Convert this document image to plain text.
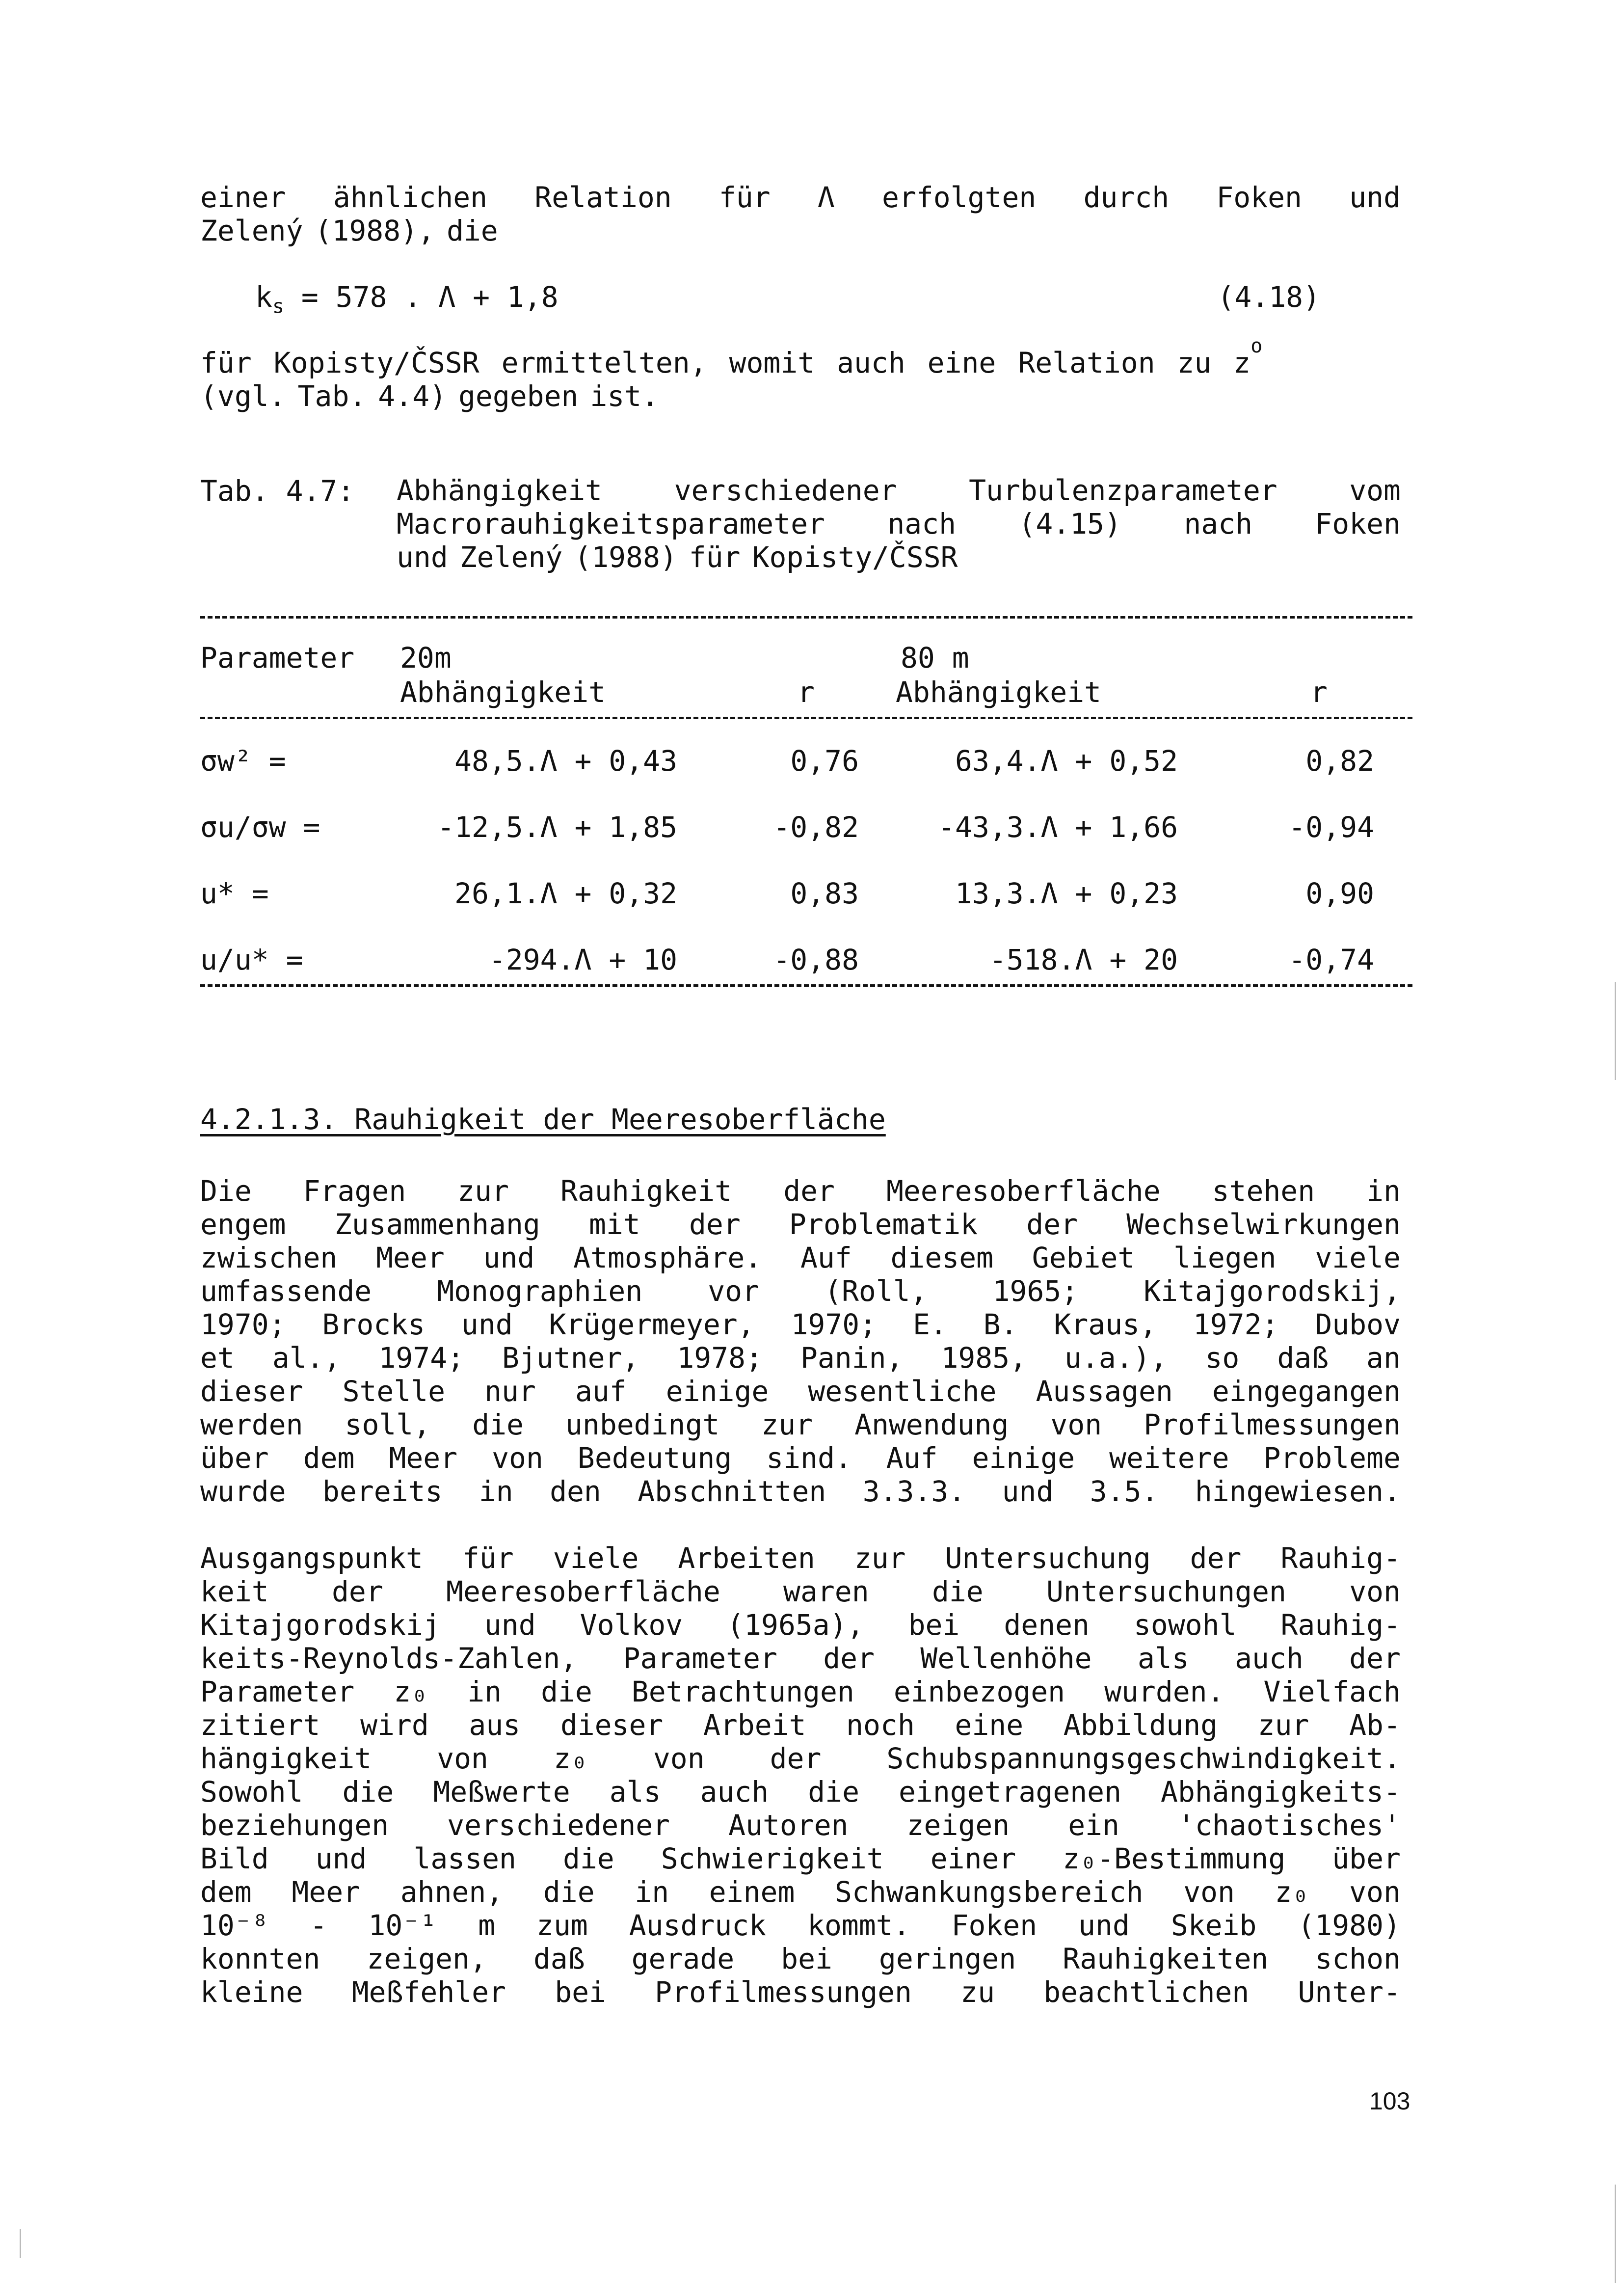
einer ähnlichen Relation für Λ erfolgten durch Foken und
Zelený (1988), die
$k_s = 578$ . Λ + 1,8	(4.18)
für Kopisty/ČSSR ermittelten, womit auch eine Relation zu z o
(vgl. Tab. 4.4) gegeben ist.
Tab. 4.7: Abhängigkeit	verschiedener	Turbulenzparameter	vom
Macrorauhigkeitsparameter nach (4.15) nach Foken
und Zelený (1988) für Kopisty/ČSSR
Parameter 20m	80 m
Abhängigkeit	r	Abhängigkeit	r
σw² =	48,5.Λ + 0,43	0,76	63,4.Λ + 0,52	0,82
σu/σw =	-12,5.Λ + 1,85	-0,82	-43,3.Λ + 1,66	-0,94
u* =	26,1.Λ + 0,32	0,83	13,3.Λ + 0,23	0,90
u/u* =	-294.Λ + 10	-0,88	-518.Λ + 20	-0,74
4.2.1.3. Rauhigkeit der Meeresoberfläche
Die Fragen zur Rauhigkeit der Meeresoberfläche stehen in
engem Zusammenhang mit der Problematik der Wechselwirkungen
zwischen Meer und Atmosphäre. Auf diesem Gebiet liegen viele
umfassende Monographien vor (Roll, 1965; Kitajgorodskij,
1970; Brocks und Krügermeyer, 1970; E. B. Kraus, 1972; Dubov
et al., 1974; Bjutner, 1978; Panin, 1985, u.a.), so daß an
dieser Stelle nur auf einige wesentliche Aussagen eingegangen
werden soll, die unbedingt zur Anwendung von Profilmessungen
über dem Meer von Bedeutung sind. Auf einige weitere Probleme
wurde bereits in den Abschnitten 3.3.3. und 3.5. hingewiesen.
Ausgangspunkt für viele Arbeiten zur Untersuchung der Rauhig-
keit der Meeresoberfläche waren die Untersuchungen von
Kitajgorodskij und Volkov (1965a), bei denen sowohl Rauhig-
keits-Reynolds-Zahlen, Parameter der Wellenhöhe als auch der
Parameter z₀ in die Betrachtungen einbezogen wurden. Vielfach
zitiert wird aus dieser Arbeit noch eine Abbildung zur Ab-
hängigkeit von z₀ von der Schubspannungsgeschwindigkeit.
Sowohl die Meßwerte als auch die eingetragenen Abhängigkeits-
beziehungen verschiedener Autoren zeigen ein 'chaotisches'
Bild und lassen die Schwierigkeit einer z₀-Bestimmung über
dem Meer ahnen, die in einem Schwankungsbereich von z₀ von
10⁻⁸ - 10⁻¹ m zum Ausdruck kommt. Foken und Skeib (1980)
konnten zeigen, daß gerade bei geringen Rauhigkeiten schon
kleine Meßfehler bei Profilmessungen zu beachtlichen Unter-
103
